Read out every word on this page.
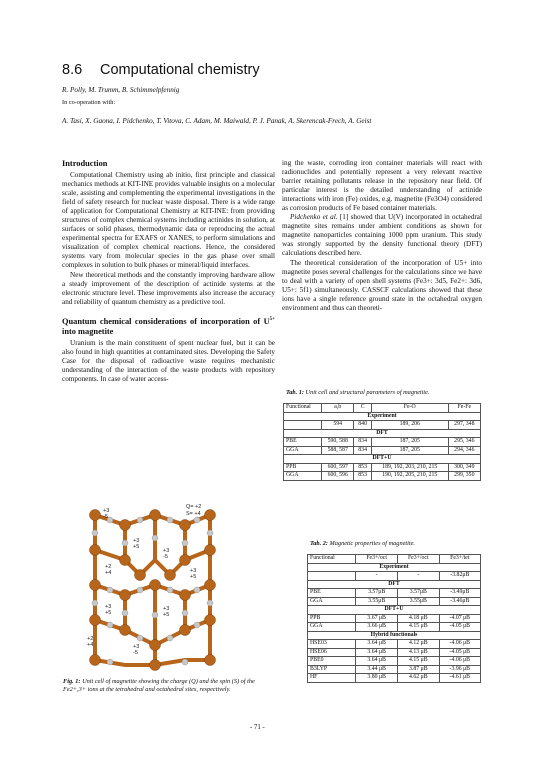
8.6 Computational chemistry
R. Polly, M. Trumm, B. Schimmelpfennig
In co-operation with:
A. Tasi, X. Gaona, I. Pidchenko, T. Vitova, C. Adam, M. Maiwald, P. J. Panak, A. Skerencak-Frech, A. Geist
Introduction

Computational Chemistry using ab initio, first principle and classical mechanics methods at KIT-INE provides valuable insights on a molecular scale, assisting and complementing the experimental investigations in the field of safety research for nuclear waste disposal. There is a wide range of application for Computational Chemistry at KIT-INE: from providing structures of complex chemical systems including actinides in solution, at surfaces or solid phases, thermodynamic data or reproducing the actual experimental spectra for EXAFS or XANES, to perform simulations and visualization of complex chemical reactions. Hence, the considered systems vary from molecular species in the gas phase over small complexes in solution to bulk phases or mineral/liquid interfaces.

New theoretical methods and the constantly improving hardware allow a steady improvement of the description of actinide systems at the electronic structure level. These improvements also increase the accuracy and reliability of quantum chemistry as a predictive tool.

Quantum chemical considerations of incorporation of $U^{5+}$ into magnetite

Uranium is the main constituent of spent nuclear fuel, but it can be also found in high quantities at contaminated sites. Developing the Safety Case for the disposal of radioactive waste requires mechanistic understanding of the interaction of the waste products with repository components. In case of water access-

ing the waste, corroding iron container materials will react with radionuclides and potentially represent a very relevant reactive barrier retaining pollutants release in the repository near field. Of particular interest is the detailed understanding of actinide interactions with iron (Fe) oxides, e.g. magnetite (Fe3O4) considered as corrosion products of Fe based container materials.

Pidchenko et al. [1] showed that U(V) incorporated in octahedral magnetite sites remains under ambient conditions as shown for magnetite nanoparticles containing 1000 ppm uranium. This study was strongly supported by the density functional theory (DFT) calculations described here.

The theoretical consideration of the incorporation of U5+ into magnetite poses several challenges for the calculations since we have to deal with a variety of open shell systems (Fe3+: 3d5, Fe2+: 3d6, U5+: 5f1) simultaneously. CASSCF calculations showed that these ions have a single reference ground state in the octahedral oxygen environment and thus can theoreti-

Tab. 1: Unit cell and structural parameters of magnetite.
Functional	a,b	C	Fe-O	Fe-Fe
Experiment				
	594	840	189, 206	297, 348
DFT				
PBE	590, 588	834	187, 205	295, 346
GGA	588, 587	834	187, 205	294, 346
DFT+U				
PPB	600, 597	853	189, 192, 203, 210, 215	300, 349
GGA	600, 596	853	190, 192, 205, 210, 215	299, 350
Tab. 2: Magnetic properties of magnetite.
Functional	Fe3+/oct	Fe3+/oct	Fe3+/tet
Experiment			
	-	-	-3.82μB
DFT			
PBE	3.57μB	3.57μB	-3.49μB
GGA	3.55μB	3.55μB	-3.46μB
DFT+U			
PPB	3.67 μB	4.18 μB	-4.07 μB
GGA	3.66 μB	4.15 μB	-4.05 μB
Hybrid functionals			
HSE03	3.64 μB	4.12 μB	-4.06 μB
HSE06	3.64 μB	4.13 μB	-4.05 μB
PBE0	3.64 μB	4.15 μB	-4.06 μB
B3LYP	3.44 μB	3.87 μB	-3.96 μB
HF	3.80 μB	4.62 μB	-4.61 μB
+3
-5
+3
+5
+2
+4
+3
-5
+3
+5
+3
+5
+3
+5
+3
-5
+2
+4
Q= +2
S= +4
Fig. 1: Unit cell of magnetite showing the charge (Q) and the spin (S) of the Fe2+,3+ ions at the tetrahedral and octahedral sites, respectively.
- 71 -
